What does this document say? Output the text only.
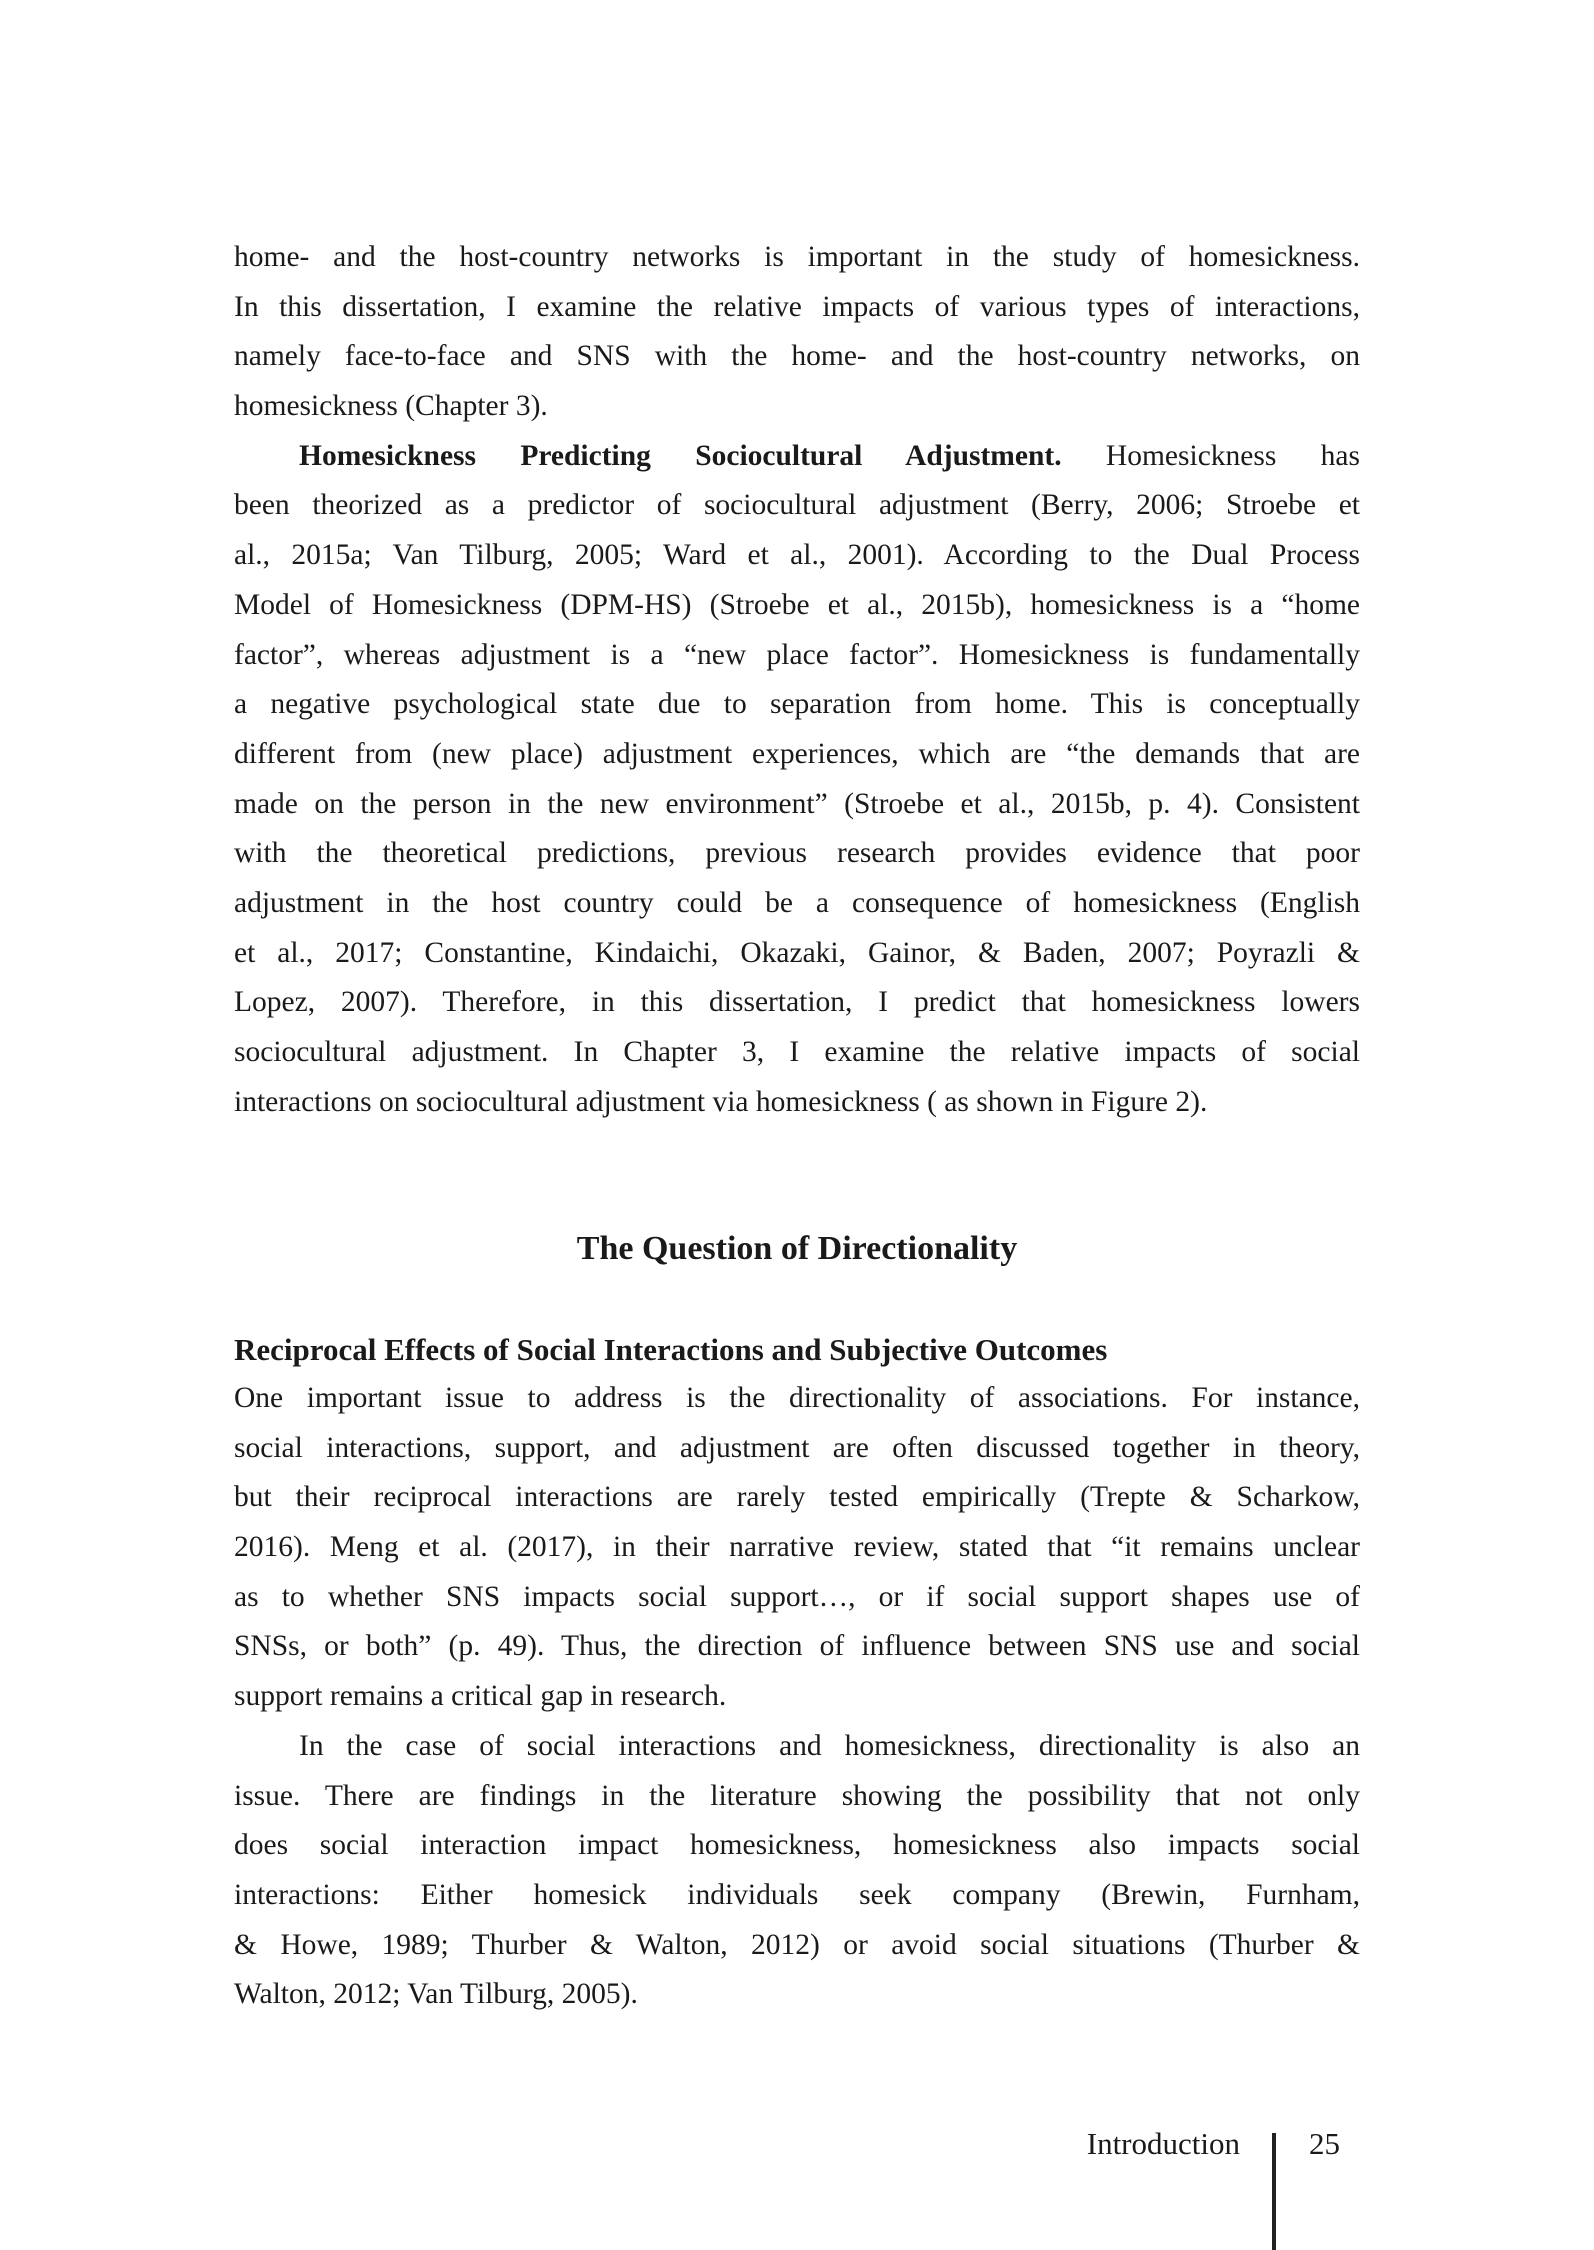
home- and the host-country networks is important in the study of homesickness.
In this dissertation, I examine the relative impacts of various types of interactions,
namely face-to-face and SNS with the home- and the host-country networks, on
homesickness (Chapter 3).
Homesickness Predicting Sociocultural Adjustment. Homesickness has
been theorized as a predictor of sociocultural adjustment (Berry, 2006; Stroebe et
al., 2015a; Van Tilburg, 2005; Ward et al., 2001). According to the Dual Process
Model of Homesickness (DPM-HS) (Stroebe et al., 2015b), homesickness is a “home
factor”, whereas adjustment is a “new place factor”. Homesickness is fundamentally
a negative psychological state due to separation from home. This is conceptually
different from (new place) adjustment experiences, which are “the demands that are
made on the person in the new environment” (Stroebe et al., 2015b, p. 4). Consistent
with the theoretical predictions, previous research provides evidence that poor
adjustment in the host country could be a consequence of homesickness (English
et al., 2017; Constantine, Kindaichi, Okazaki, Gainor, & Baden, 2007; Poyrazli &
Lopez, 2007). Therefore, in this dissertation, I predict that homesickness lowers
sociocultural adjustment. In Chapter 3, I examine the relative impacts of social
interactions on sociocultural adjustment via homesickness ( as shown in Figure 2).
The Question of Directionality
Reciprocal Effects of Social Interactions and Subjective Outcomes
One important issue to address is the directionality of associations. For instance,
social interactions, support, and adjustment are often discussed together in theory,
but their reciprocal interactions are rarely tested empirically (Trepte & Scharkow,
2016). Meng et al. (2017), in their narrative review, stated that “it remains unclear
as to whether SNS impacts social support…, or if social support shapes use of
SNSs, or both” (p. 49). Thus, the direction of influence between SNS use and social
support remains a critical gap in research.
In the case of social interactions and homesickness, directionality is also an
issue. There are findings in the literature showing the possibility that not only
does social interaction impact homesickness, homesickness also impacts social
interactions: Either homesick individuals seek company (Brewin, Furnham,
& Howe, 1989; Thurber & Walton, 2012) or avoid social situations (Thurber &
Walton, 2012; Van Tilburg, 2005).
Introduction 25
